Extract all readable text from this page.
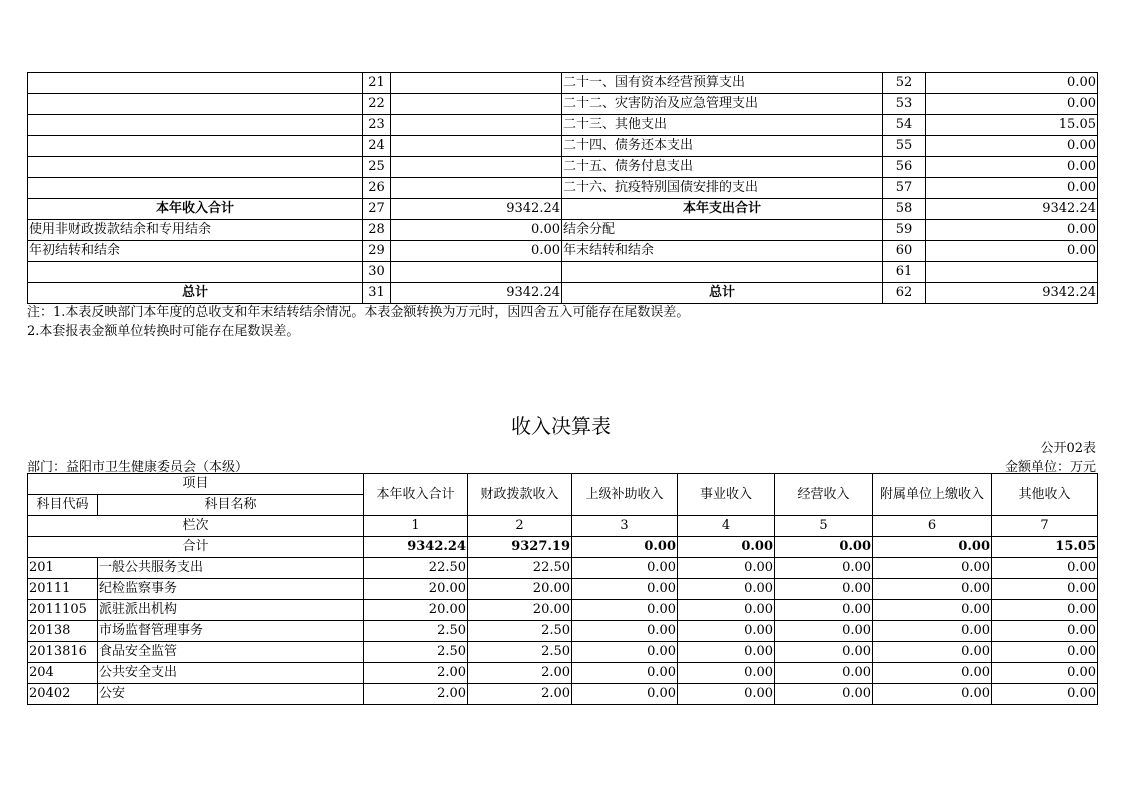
	21		二十一、国有资本经营预算支出	52	0.00
	22		二十二、灾害防治及应急管理支出	53	0.00
	23		二十三、其他支出	54	15.05
	24		二十四、债务还本支出	55	0.00
	25		二十五、债务付息支出	56	0.00
	26		二十六、抗疫特别国债安排的支出	57	0.00
本年收入合计	27	9342.24	本年支出合计	58	9342.24
使用非财政拨款结余和专用结余	28	0.00	结余分配	59	0.00
年初结转和结余	29	0.00	年末结转和结余	60	0.00
	30			61	
总计	31	9342.24	总计	62	9342.24
注：1.本表反映部门本年度的总收支和年末结转结余情况。本表金额转换为万元时，因四舍五入可能存在尾数误差。
2.本套报表金额单位转换时可能存在尾数误差。
收入决算表
公开02表
部门：益阳市卫生健康委员会（本级）	金额单位：万元
项目		本年收入合计	财政拨款收入	上级补助收入	事业收入	经营收入	附属单位上缴收入	其他收入
科目代码	科目名称							
栏次		1	2	3	4	5	6	7
合计		9342.24	9327.19	0.00	0.00	0.00	0.00	15.05
201	一般公共服务支出	22.50	22.50	0.00	0.00	0.00	0.00	0.00
20111	纪检监察事务	20.00	20.00	0.00	0.00	0.00	0.00	0.00
2011105	派驻派出机构	20.00	20.00	0.00	0.00	0.00	0.00	0.00
20138	市场监督管理事务	2.50	2.50	0.00	0.00	0.00	0.00	0.00
2013816	食品安全监管	2.50	2.50	0.00	0.00	0.00	0.00	0.00
204	公共安全支出	2.00	2.00	0.00	0.00	0.00	0.00	0.00
20402	公安	2.00	2.00	0.00	0.00	0.00	0.00	0.00
